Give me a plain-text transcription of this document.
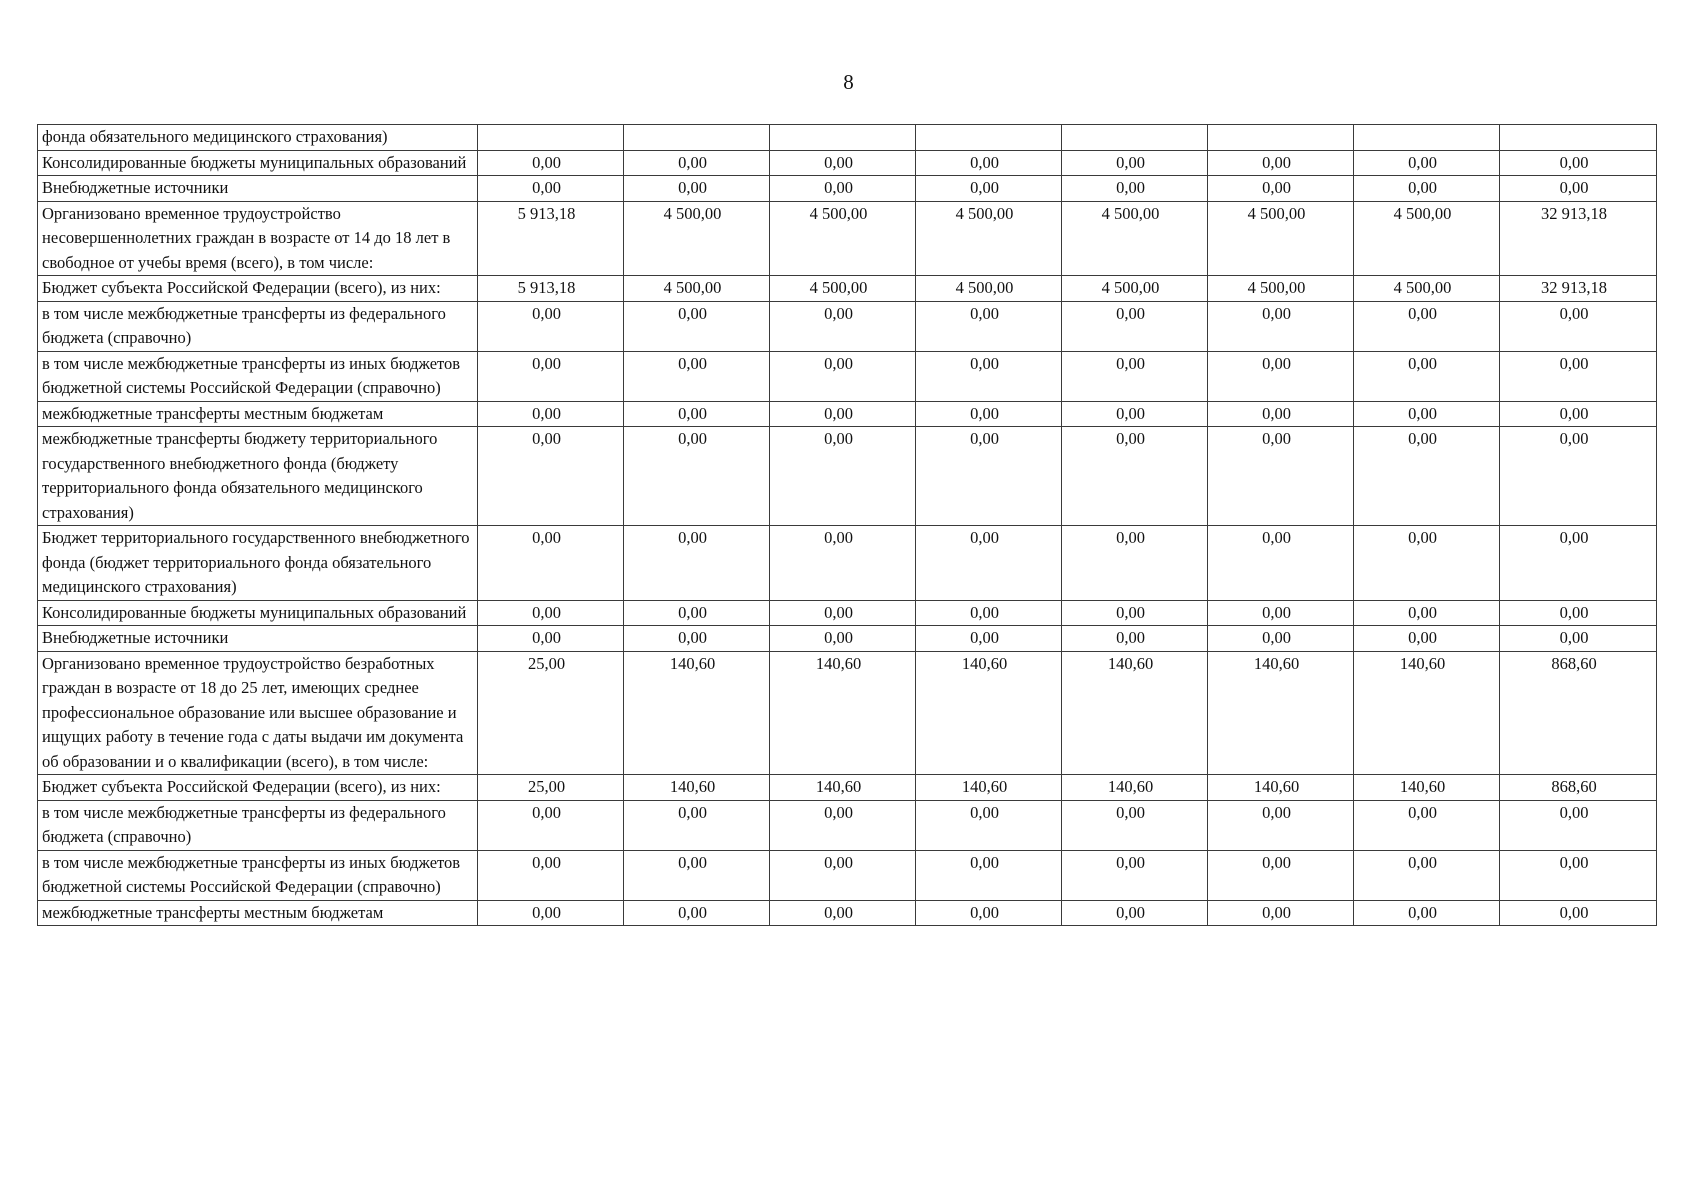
8
фонда обязательного медицинского страхования)								
Консолидированные бюджеты муниципальных образований	0,00	0,00	0,00	0,00	0,00	0,00	0,00	0,00
Внебюджетные источники	0,00	0,00	0,00	0,00	0,00	0,00	0,00	0,00
Организовано временное трудоустройство несовершеннолетних граждан в возрасте от 14 до 18 лет в свободное от учебы время (всего), в том числе:	5 913,18	4 500,00	4 500,00	4 500,00	4 500,00	4 500,00	4 500,00	32 913,18
Бюджет субъекта Российской Федерации (всего), из них:	5 913,18	4 500,00	4 500,00	4 500,00	4 500,00	4 500,00	4 500,00	32 913,18
в том числе межбюджетные трансферты из федерального бюджета (справочно)	0,00	0,00	0,00	0,00	0,00	0,00	0,00	0,00
в том числе межбюджетные трансферты из иных бюджетов бюджетной системы Российской Федерации (справочно)	0,00	0,00	0,00	0,00	0,00	0,00	0,00	0,00
межбюджетные трансферты местным бюджетам	0,00	0,00	0,00	0,00	0,00	0,00	0,00	0,00
межбюджетные трансферты бюджету территориального государственного внебюджетного фонда (бюджету территориального фонда обязательного медицинского страхования)	0,00	0,00	0,00	0,00	0,00	0,00	0,00	0,00
Бюджет территориального государственного внебюджетного фонда (бюджет территориального фонда обязательного медицинского страхования)	0,00	0,00	0,00	0,00	0,00	0,00	0,00	0,00
Консолидированные бюджеты муниципальных образований	0,00	0,00	0,00	0,00	0,00	0,00	0,00	0,00
Внебюджетные источники	0,00	0,00	0,00	0,00	0,00	0,00	0,00	0,00
Организовано временное трудоустройство безработных граждан в возрасте от 18 до 25 лет, имеющих среднее профессиональное образование или высшее образование и ищущих работу в течение года с даты выдачи им документа об образовании и о квалификации (всего), в том числе:	25,00	140,60	140,60	140,60	140,60	140,60	140,60	868,60
Бюджет субъекта Российской Федерации (всего), из них:	25,00	140,60	140,60	140,60	140,60	140,60	140,60	868,60
в том числе межбюджетные трансферты из федерального бюджета (справочно)	0,00	0,00	0,00	0,00	0,00	0,00	0,00	0,00
в том числе межбюджетные трансферты из иных бюджетов бюджетной системы Российской Федерации (справочно)	0,00	0,00	0,00	0,00	0,00	0,00	0,00	0,00
межбюджетные трансферты местным бюджетам	0,00	0,00	0,00	0,00	0,00	0,00	0,00	0,00
